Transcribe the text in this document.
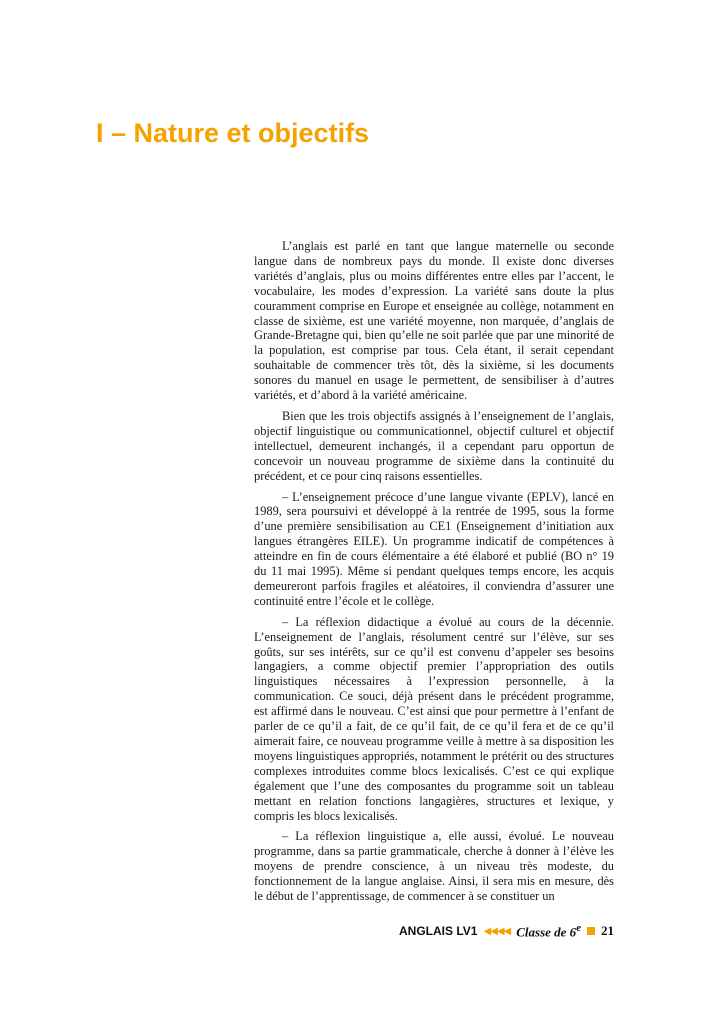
I – Nature et objectifs

L’anglais est parlé en tant que langue maternelle ou seconde langue dans de nombreux pays du monde. Il existe donc diverses variétés d’anglais, plus ou moins différentes entre elles par l’accent, le vocabulaire, les modes d’expression. La variété sans doute la plus couramment comprise en Europe et enseignée au collège, notamment en classe de sixième, est une variété moyenne, non marquée, d’anglais de Grande-Bretagne qui, bien qu’elle ne soit parlée que par une minorité de la population, est comprise par tous. Cela étant, il serait cependant souhaitable de commencer très tôt, dès la sixième, si les documents sonores du manuel en usage le permettent, de sensibiliser à d’autres variétés, et d’abord à la variété américaine.

Bien que les trois objectifs assignés à l’enseignement de l’anglais, objectif linguistique ou communicationnel, objectif culturel et objectif intellectuel, demeurent inchangés, il a cependant paru opportun de concevoir un nouveau programme de sixième dans la continuité du précédent, et ce pour cinq raisons essentielles.

– L’enseignement précoce d’une langue vivante (EPLV), lancé en 1989, sera poursuivi et développé à la rentrée de 1995, sous la forme d’une première sensibilisation au CE1 (Enseignement d’initiation aux langues étrangères EILE). Un programme indicatif de compétences à atteindre en fin de cours élémentaire a été élaboré et publié (BO n° 19 du 11 mai 1995). Même si pendant quelques temps encore, les acquis demeureront parfois fragiles et aléatoires, il conviendra d’assurer une continuité entre l’école et le collège.

– La réflexion didactique a évolué au cours de la décennie. L’enseignement de l’anglais, résolument centré sur l’élève, sur ses goûts, sur ses intérêts, sur ce qu’il est convenu d’appeler ses besoins langagiers, a comme objectif premier l’appropriation des outils linguistiques nécessaires à l’expression personnelle, à la communication. Ce souci, déjà présent dans le précédent programme, est affirmé dans le nouveau. C’est ainsi que pour permettre à l’enfant de parler de ce qu’il a fait, de ce qu’il fait, de ce qu’il fera et de ce qu’il aimerait faire, ce nouveau programme veille à mettre à sa disposition les moyens linguistiques appropriés, notamment le prétérit ou des structures complexes introduites comme blocs lexicalisés. C’est ce qui explique également que l’une des composantes du programme soit un tableau mettant en relation fonctions langagières, structures et lexique, y compris les blocs lexicalisés.

– La réflexion linguistique a, elle aussi, évolué. Le nouveau programme, dans sa partie grammaticale, cherche à donner à l’élève les moyens de prendre conscience, à un niveau très modeste, du fonctionnement de la langue anglaise. Ainsi, il sera mis en mesure, dès le début de l’apprentissage, de commencer à se constituer un

ANGLAIS LV1 ◀◀◀◀ Classe de 6e 21
